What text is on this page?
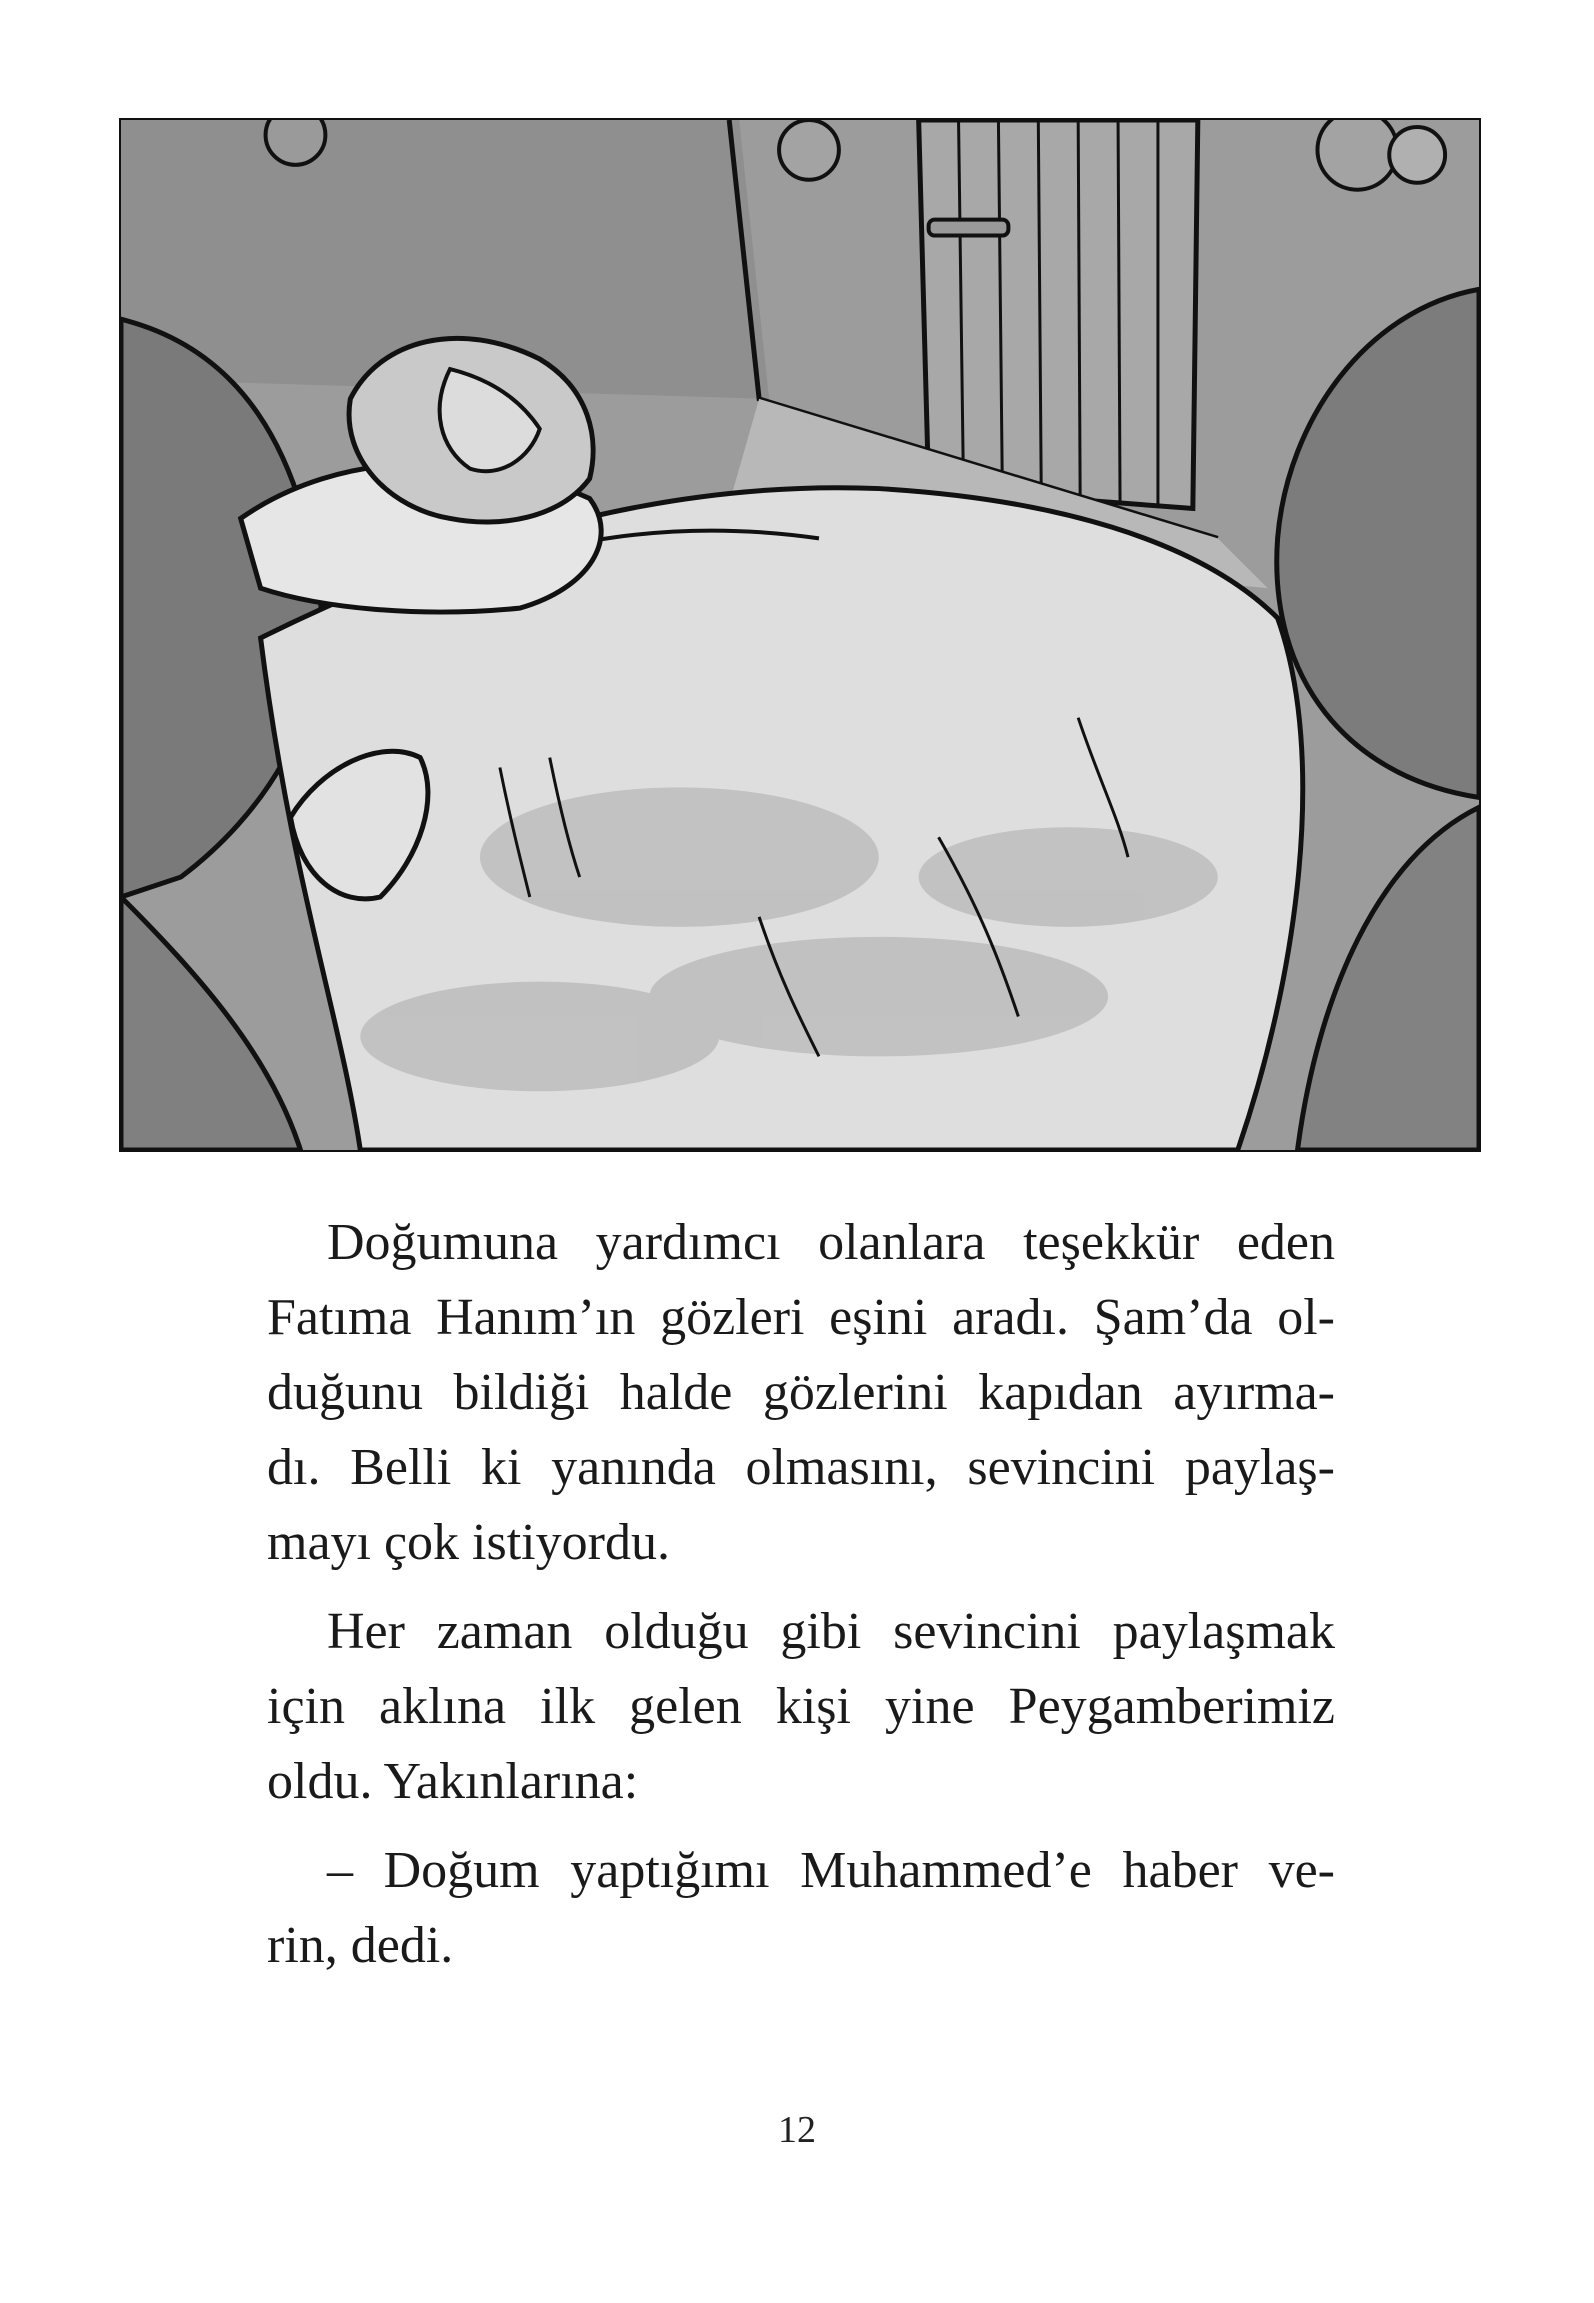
Doğumuna yardımcı olanlara teşekkür eden
Fatıma Hanım’ın gözleri eşini aradı. Şam’da ol-
duğunu bildiği halde gözlerini kapıdan ayırma-
dı. Belli ki yanında olmasını, sevincini paylaş-
mayı çok istiyordu.
Her zaman olduğu gibi sevincini paylaşmak
için aklına ilk gelen kişi yine Peygamberimiz
oldu. Yakınlarına:
– Doğum yaptığımı Muhammed’e haber ve-
rin, dedi.
12
